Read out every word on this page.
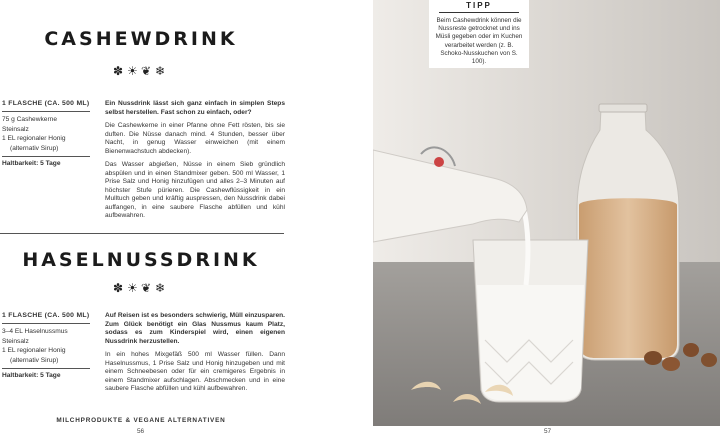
CASHEWDRINK
✽☀❦❄
1 FLASCHE (CA. 500 ML)
75 g Cashewkerne
Steinsalz
1 EL regionaler Honig
(alternativ Sirup)
Haltbarkeit: 5 Tage

Ein Nussdrink lässt sich ganz einfach in simplen Steps selbst herstellen. Fast schon zu einfach, oder?

Die Cashewkerne in einer Pfanne ohne Fett rösten, bis sie duften. Die Nüsse danach mind. 4 Stunden, besser über Nacht, in genug Wasser einweichen (mit einem Bienenwachstuch abdecken).

Das Wasser abgießen, Nüsse in einem Sieb gründlich abspülen und in einen Standmixer geben. 500 ml Wasser, 1 Prise Salz und Honig hinzufügen und alles 2–3 Minuten auf höchster Stufe pürieren. Die Cashewflüssigkeit in ein Mulltuch geben und kräftig auspressen, den Nussdrink dabei auffangen, in eine saubere Flasche abfüllen und kühl aufbewahren.

HASELNUSSDRINK
✽☀❦❄
1 FLASCHE (CA. 500 ML)
3–4 EL Haselnussmus
Steinsalz
1 EL regionaler Honig
(alternativ Sirup)
Haltbarkeit: 5 Tage

Auf Reisen ist es besonders schwierig, Müll einzusparen. Zum Glück benötigt ein Glas Nussmus kaum Platz, sodass es zum Kinderspiel wird, einen eigenen Nussdrink herzustellen.

In ein hohes Mixgefäß 500 ml Wasser füllen. Dann Haselnussmus, 1 Prise Salz und Honig hinzugeben und mit einem Schneebesen oder für ein cremigeres Ergebnis in einem Standmixer aufschlagen. Abschmecken und in eine saubere Flasche abfüllen und kühl aufbewahren.

MILCHPRODUKTE & VEGANE ALTERNATIVEN
56
TIPP
Beim Cashewdrink können die Nussreste getrocknet und ins Müsli gegeben oder im Kuchen verarbeitet werden (z. B. Schoko-Nusskuchen von S. 100).
57
